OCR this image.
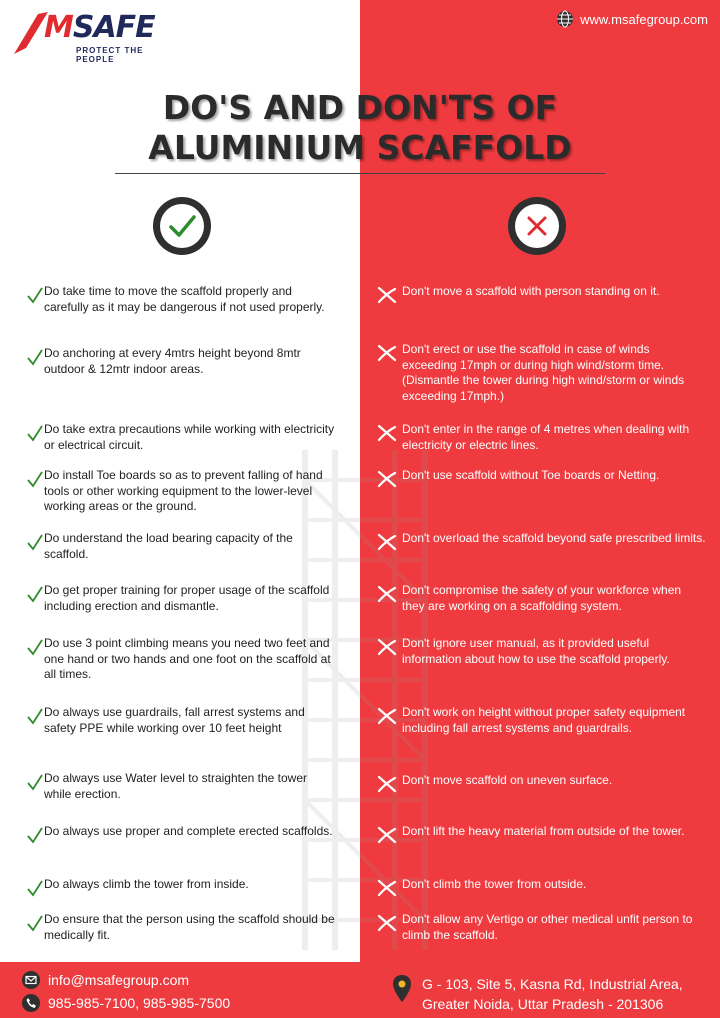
MSAFE
PROTECT THE PEOPLE
www.msafegroup.com
DO'S AND DON'TS OF
ALUMINIUM SCAFFOLD
Do take time to move the scaffold properly and carefully as it may be dangerous if not used properly.
Don't move a scaffold with person standing on it.
Do anchoring at every 4mtrs height beyond 8mtr outdoor & 12mtr indoor areas.
Don't erect or use the scaffold in case of winds exceeding 17mph or during high wind/storm time. (Dismantle the tower during high wind/storm or winds exceeding 17mph.)
Do take extra precautions while working with electricity or electrical circuit.
Don't enter in the range of 4 metres when dealing with electricity or electric lines.
Do install Toe boards so as to prevent falling of hand tools or other working equipment to the lower-level working areas or the ground.
Don't use scaffold without Toe boards or Netting.
Do understand the load bearing capacity of the scaffold.
Don't overload the scaffold beyond safe prescribed limits.
Do get proper training for proper usage of the scaffold including erection and dismantle.
Don't compromise the safety of your workforce when they are working on a scaffolding system.
Do use 3 point climbing means you need two feet and one hand or two hands and one foot on the scaffold at all times.
Don't ignore user manual, as it provided useful information about how to use the scaffold properly.
Do always use guardrails, fall arrest systems and safety PPE while working over 10 feet height
Don't work on height without proper safety equipment including fall arrest systems and guardrails.
Do always use Water level to straighten the tower while erection.
Don't move scaffold on uneven surface.
Do always use proper and complete erected scaffolds.	Don't lift the heavy material from outside of the tower.
Do always climb the tower from inside.	Don't climb the tower from outside.
Do ensure that the person using the scaffold should be medically fit.
Don't allow any Vertigo or other medical unfit person to climb the scaffold.
info@msafegroup.com
985-985-7100, 985-985-7500
G - 103, Site 5, Kasna Rd, Industrial Area,
Greater Noida, Uttar Pradesh - 201306
